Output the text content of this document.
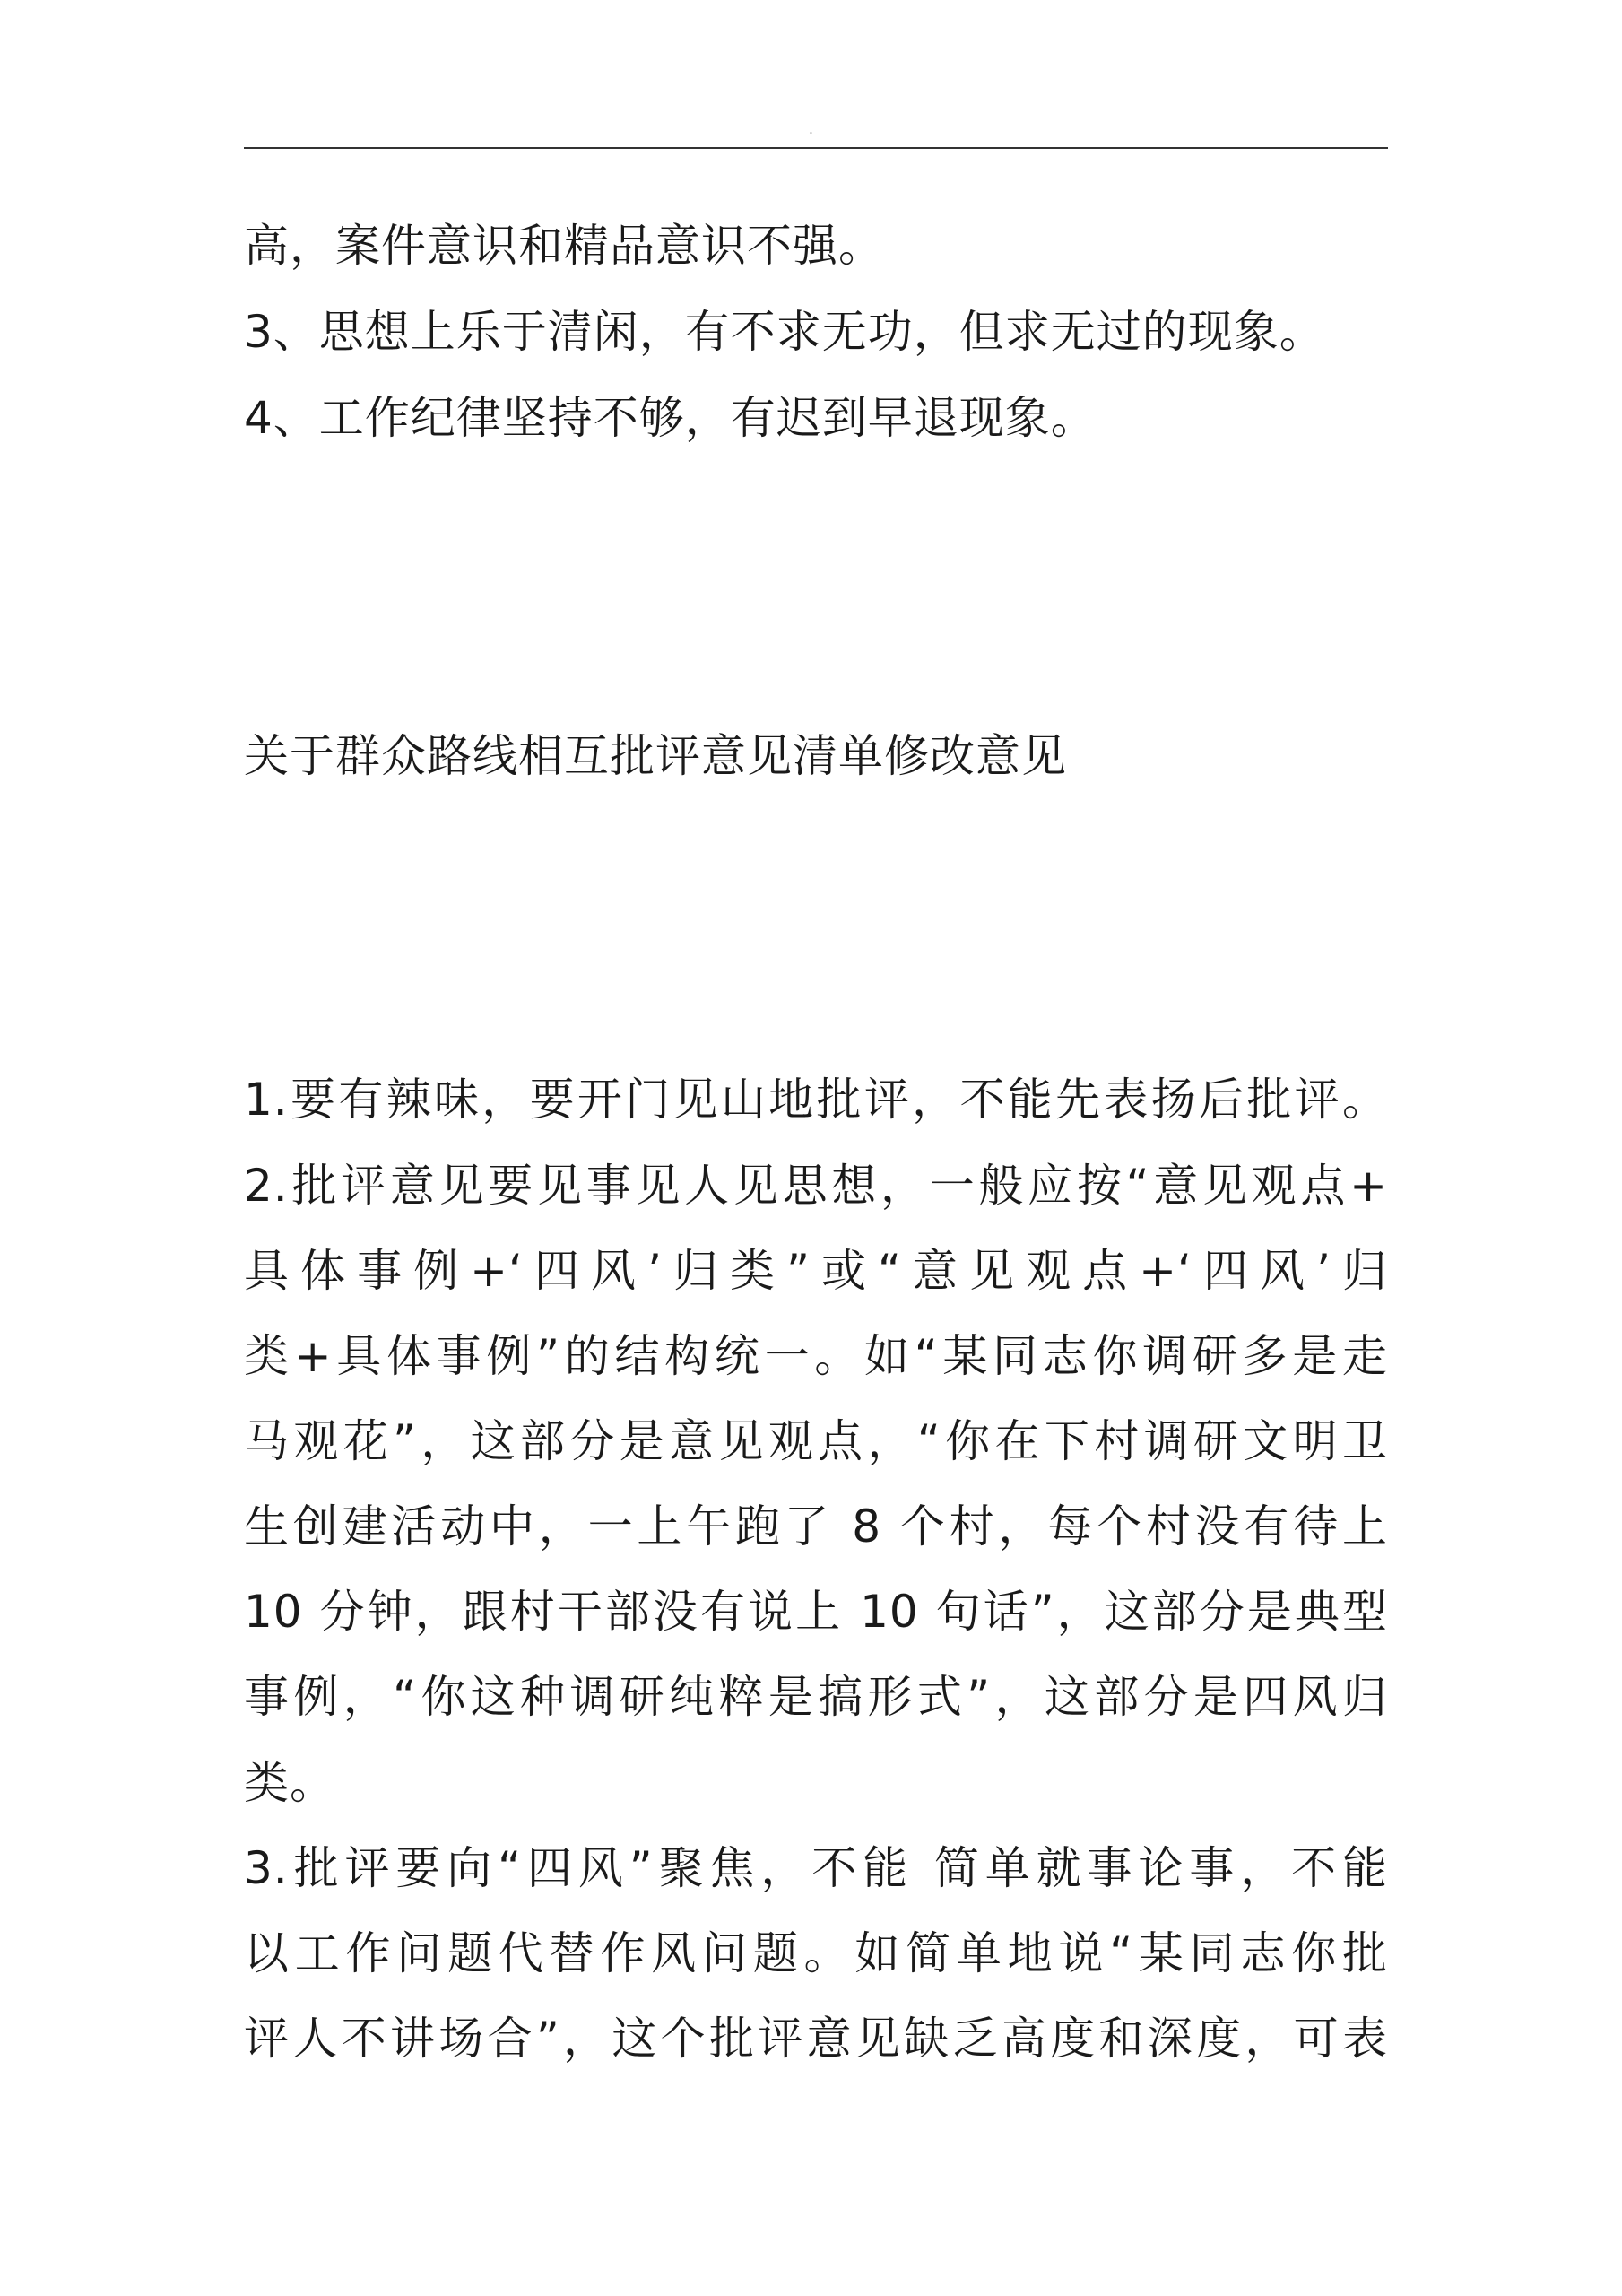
.
高，案件意识和精品意识不强。
3、思想上乐于清闲，有不求无功，但求无过的现象。
4、工作纪律坚持不够，有迟到早退现象。
关于群众路线相互批评意见清单修改意见
1.要有辣味，要开门见山地批评，不能先表扬后批评。
2.批评意见要见事见人见思想，一般应按“意见观点+
具体事例+‘四风’归类”或“意见观点+‘四风’归
类+具体事例”的结构统一。如“某同志你调研多是走
马观花”，这部分是意见观点，“你在下村调研文明卫
生创建活动中，一上午跑了 8 个村，每个村没有待上
10 分钟，跟村干部没有说上 10 句话”，这部分是典型
事例，“你这种调研纯粹是搞形式”，这部分是四风归
类。
3.批评要向“四风”聚焦，不能 简单就事论事，不能
以工作问题代替作风问题。如简单地说“某同志你批
评人不讲场合”，这个批评意见缺乏高度和深度，可表
